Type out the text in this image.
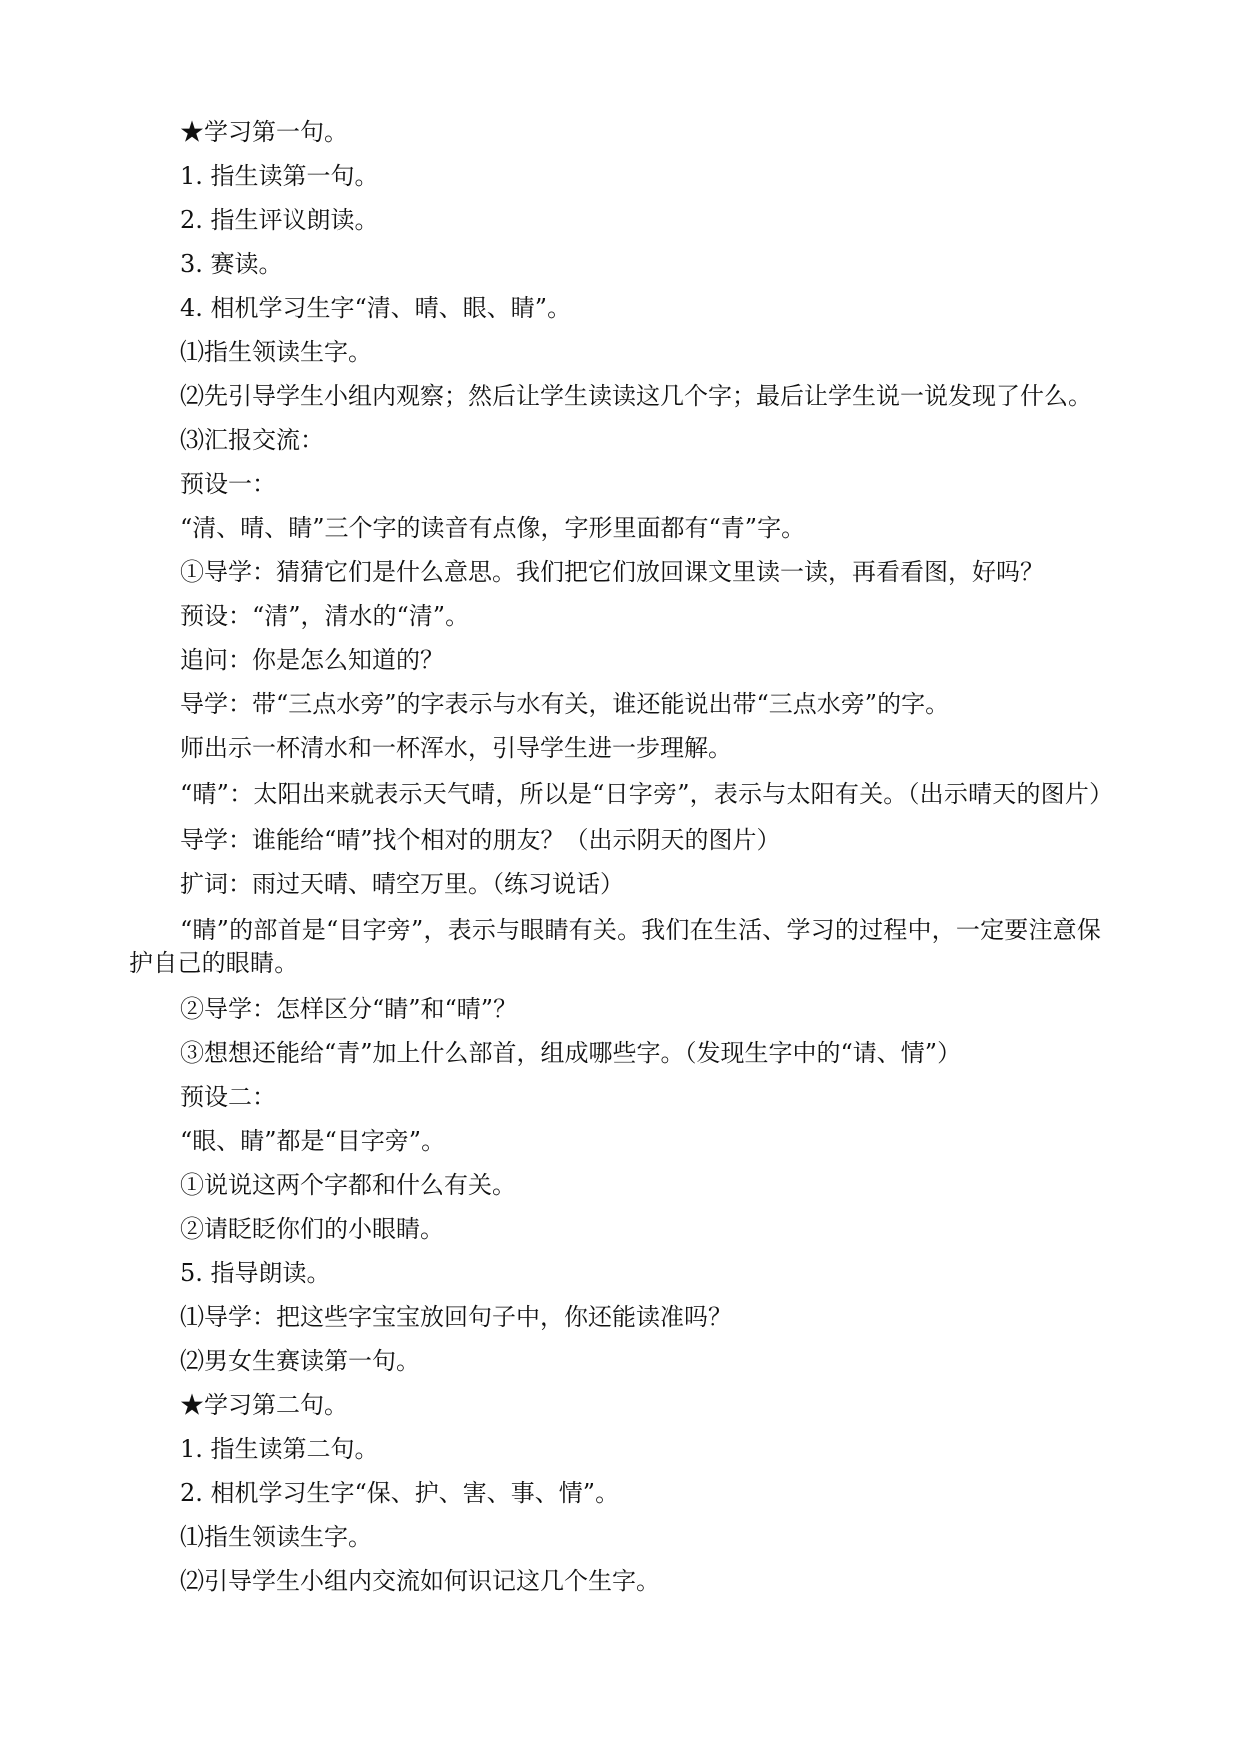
★学习第一句。

1. 指生读第一句。

2. 指生评议朗读。

3. 赛读。

4. 相机学习生字“清、晴、眼、睛”。

⑴指生领读生字。

⑵先引导学生小组内观察；然后让学生读读这几个字；最后让学生说一说发现了什么。

⑶汇报交流：

预设一：

“清、晴、睛”三个字的读音有点像，字形里面都有“青”字。

①导学：猜猜它们是什么意思。我们把它们放回课文里读一读，再看看图，好吗？

预设：“清”，清水的“清”。

追问：你是怎么知道的？

导学：带“三点水旁”的字表示与水有关，谁还能说出带“三点水旁”的字。

师出示一杯清水和一杯浑水，引导学生进一步理解。

“晴”：太阳出来就表示天气晴，所以是“日字旁”，表示与太阳有关。（出示晴天的图片）

导学：谁能给“晴”找个相对的朋友？（出示阴天的图片）

扩词：雨过天晴、晴空万里。（练习说话）

“睛”的部首是“目字旁”，表示与眼睛有关。我们在生活、学习的过程中，一定要注意保护自己的眼睛。

②导学：怎样区分“睛”和“晴”？

③想想还能给“青”加上什么部首，组成哪些字。（发现生字中的“请、情”）

预设二：

“眼、睛”都是“目字旁”。

①说说这两个字都和什么有关。

②请眨眨你们的小眼睛。

5. 指导朗读。

⑴导学：把这些字宝宝放回句子中，你还能读准吗？

⑵男女生赛读第一句。

★学习第二句。

1. 指生读第二句。

2. 相机学习生字“保、护、害、事、情”。

⑴指生领读生字。

⑵引导学生小组内交流如何识记这几个生字。
